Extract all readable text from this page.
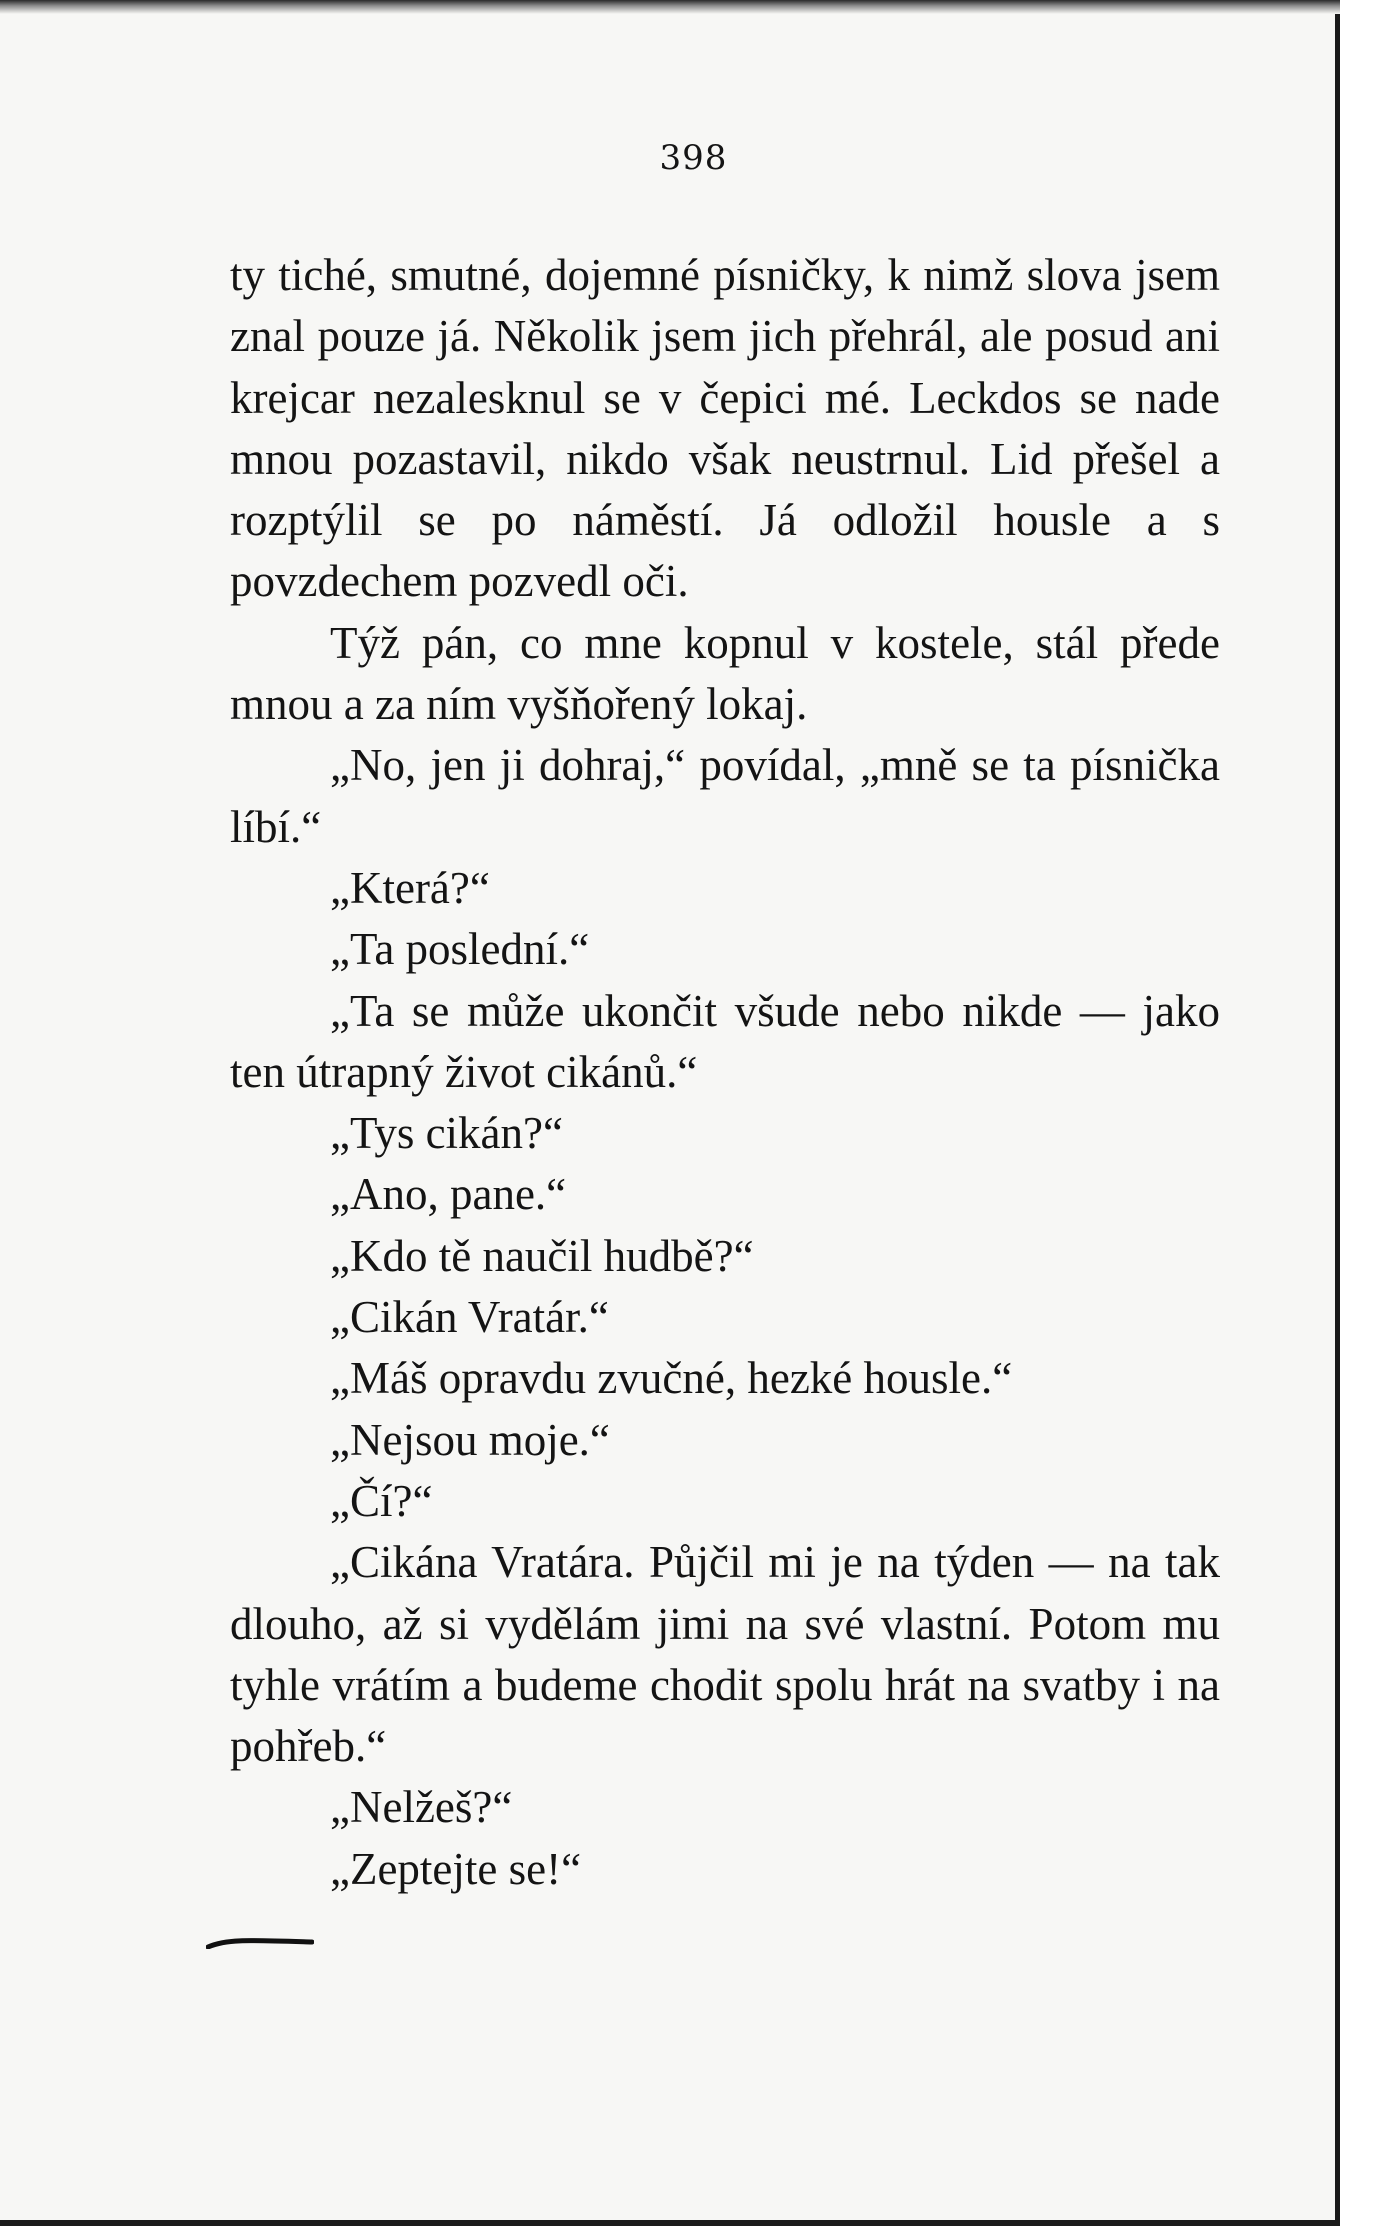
398

ty tiché, smutné, dojemné písničky, k nimž slova jsem znal pouze já. Několik jsem jich přehrál, ale posud ani krejcar nezalesknul se v čepici mé. Leckdos se nade mnou pozastavil, nikdo však neustrnul. Lid přešel a rozptýlil se po náměstí. Já odložil housle a s povzdechem pozvedl oči.

Týž pán, co mne kopnul v kostele, stál přede mnou a za ním vyšňořený lokaj.

„No, jen ji dohraj,“ povídal, „mně se ta písnička líbí.“

„Která?“

„Ta poslední.“

„Ta se může ukončit všude nebo nikde — jako ten útrapný život cikánů.“

„Tys cikán?“

„Ano, pane.“

„Kdo tě naučil hudbě?“

„Cikán Vratár.“

„Máš opravdu zvučné, hezké housle.“

„Nejsou moje.“

„Čí?“

„Cikána Vratára. Půjčil mi je na týden — na tak dlouho, až si vydělám jimi na své vlastní. Potom mu tyhle vrátím a budeme chodit spolu hrát na svatby i na pohřeb.“

„Nelžeš?“

„Zeptejte se!“
